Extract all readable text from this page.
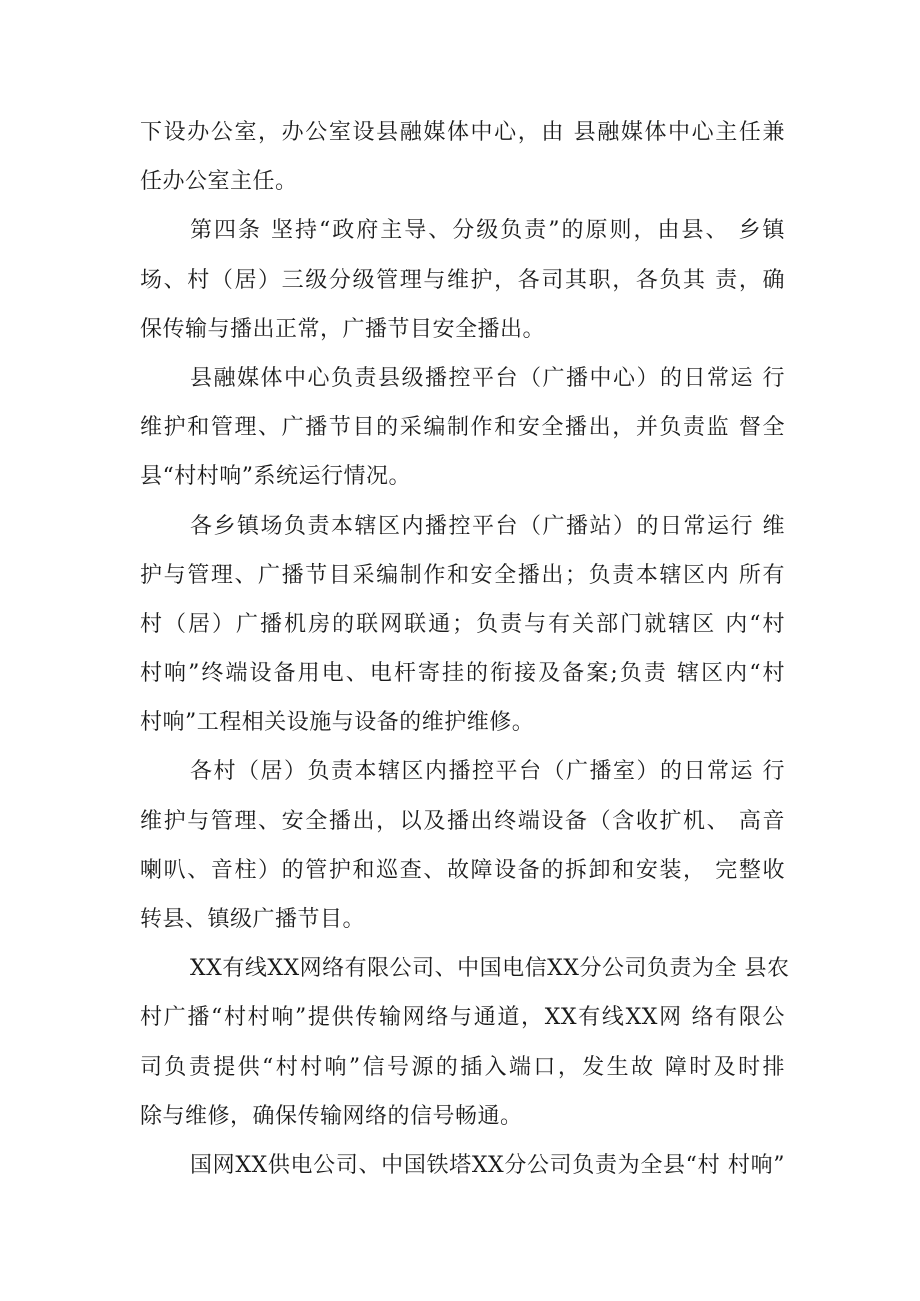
下设办公室，办公室设县融媒体中心，由 县融媒体中心主任兼
任办公室主任。
第四条 坚持“政府主导、分级负责”的原则，由县、 乡镇
场、村（居）三级分级管理与维护，各司其职，各负其 责，确
保传输与播出正常，广播节目安全播出。
县融媒体中心负责县级播控平台（广播中心）的日常运 行
维护和管理、广播节目的采编制作和安全播出，并负责监 督全
县“村村响”系统运行情况。
各乡镇场负责本辖区内播控平台（广播站）的日常运行 维
护与管理、广播节目采编制作和安全播出；负责本辖区内 所有
村（居）广播机房的联网联通；负责与有关部门就辖区 内“村
村响”终端设备用电、电杆寄挂的衔接及备案;负责 辖区内“村
村响”工程相关设施与设备的维护维修。
各村（居）负责本辖区内播控平台（广播室）的日常运 行
维护与管理、安全播出，以及播出终端设备（含收扩机、 高音
喇叭、音柱）的管护和巡查、故障设备的拆卸和安装， 完整收
转县、镇级广播节目。
XX有线XX网络有限公司、中国电信XX分公司负责为全 县农
村广播“村村响”提供传输网络与通道，XX有线XX网 络有限公
司负责提供“村村响”信号源的插入端口，发生故 障时及时排
除与维修，确保传输网络的信号畅通。
国网XX供电公司、中国铁塔XX分公司负责为全县“村 村响”
